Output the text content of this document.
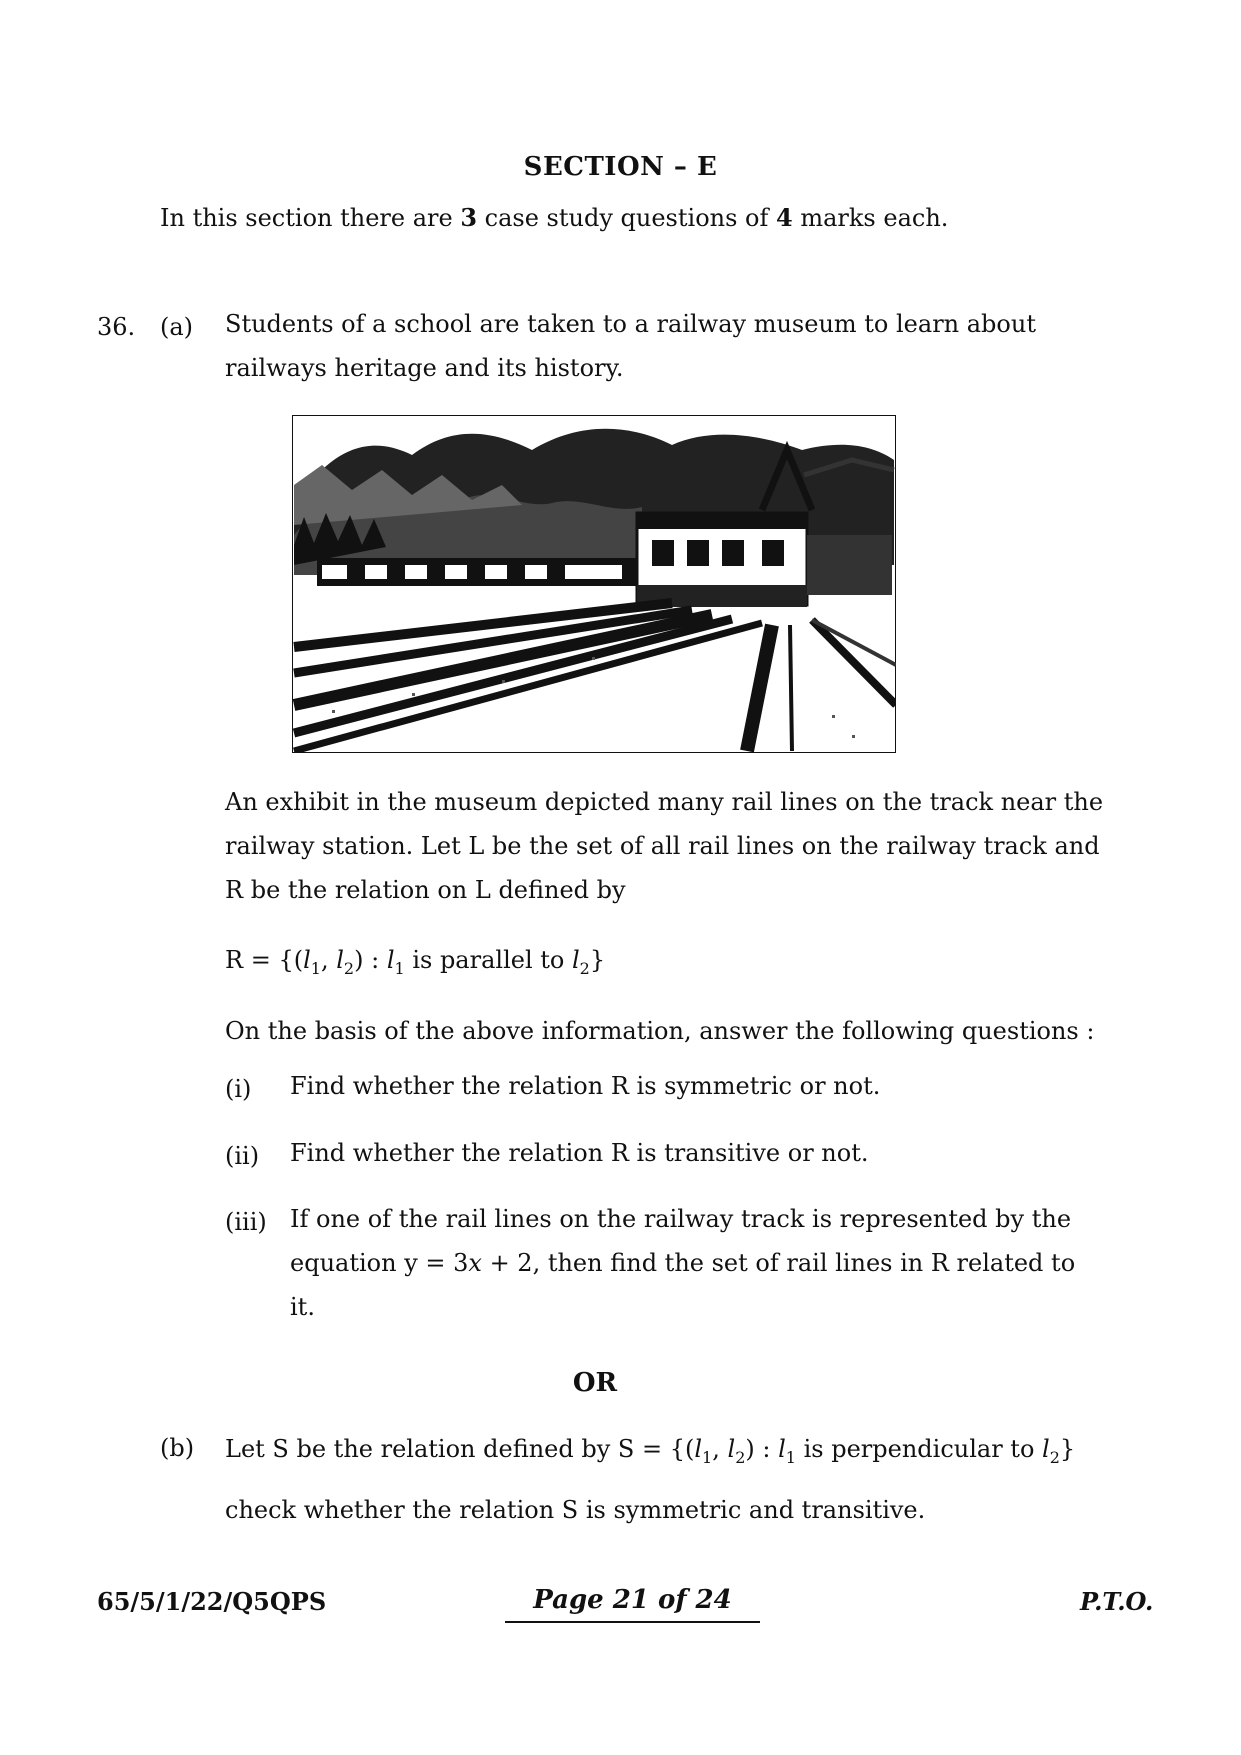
SECTION – E
In this section there are 3 case study questions of 4 marks each.
36. (a) Students of a school are taken to a railway museum to learn about railways heritage and its history.
An exhibit in the museum depicted many rail lines on the track near the railway station. Let L be the set of all rail lines on the railway track and R be the relation on L defined by
$R = \{(l_1$, $l_2$) : $l_1$ is parallel to $l_2$}
On the basis of the above information, answer the following questions :
(i) Find whether the relation R is symmetric or not.
(ii) Find whether the relation R is transitive or not.
(iii) If one of the rail lines on the railway track is represented by the equation y = 3x + 2, then find the set of rail lines in R related to it.
OR
(b) Let S be the relation defined by $S = \{(l_1$, $l_2$) : $l_1$ is perpendicular to $l_2$}
check whether the relation S is symmetric and transitive.
65/5/1/22/Q5QPS	Page 21 of 24	P.T.O.
